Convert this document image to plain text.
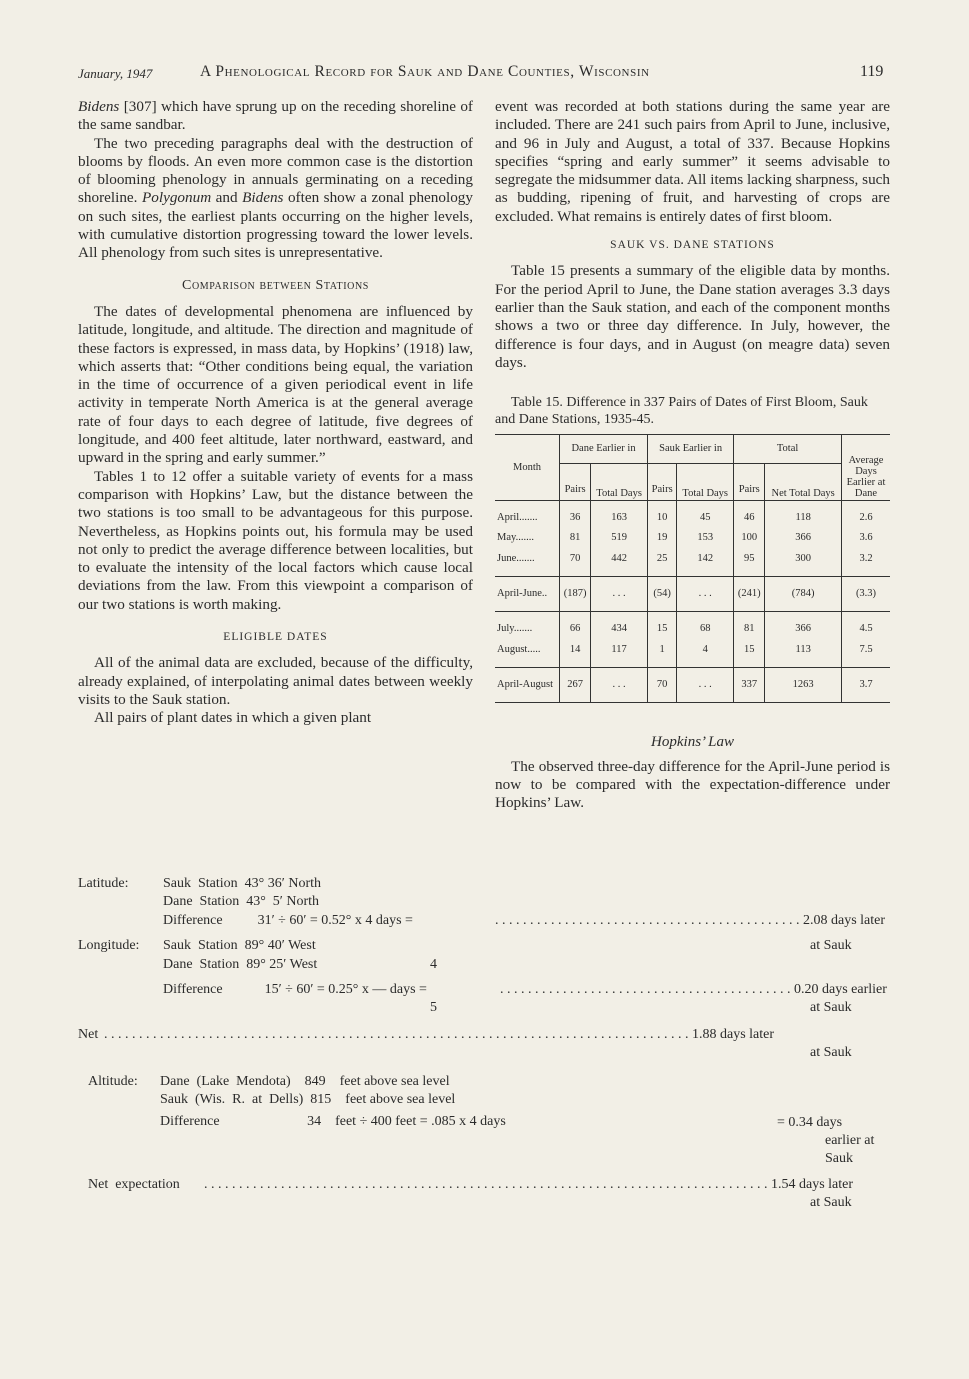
January, 1947	A Phenological Record for Sauk and Dane Counties, Wisconsin	119

Bidens [307] which have sprung up on the receding shoreline of the same sandbar.

The two preceding paragraphs deal with the destruction of blooms by floods. An even more common case is the distortion of blooming phenology in annuals germinating on a receding shoreline. Polygonum and Bidens often show a zonal phenology on such sites, the earliest plants occurring on the higher levels, with cumulative distortion progressing toward the lower levels. All phenology from such sites is unrepresentative.

Comparison between Stations

The dates of developmental phenomena are influenced by latitude, longitude, and altitude. The direction and magnitude of these factors is expressed, in mass data, by Hopkins’ (1918) law, which asserts that: “Other conditions being equal, the variation in the time of occurrence of a given periodical event in life activity in temperate North America is at the general average rate of four days to each degree of latitude, five degrees of longitude, and 400 feet altitude, later northward, eastward, and upward in the spring and early summer.”

Tables 1 to 12 offer a suitable variety of events for a mass comparison with Hopkins’ Law, but the distance between the two stations is too small to be advantageous for this purpose. Nevertheless, as Hopkins points out, his formula may be used not only to predict the average difference between localities, but to evaluate the intensity of the local factors which cause local deviations from the law. From this viewpoint a comparison of our two stations is worth making.

ELIGIBLE DATES

All of the animal data are excluded, because of the difficulty, already explained, of interpolating animal dates between weekly visits to the Sauk station.

All pairs of plant dates in which a given plant

event was recorded at both stations during the same year are included. There are 241 such pairs from April to June, inclusive, and 96 in July and August, a total of 337. Because Hopkins specifies “spring and early summer” it seems advisable to segregate the midsummer data. All items lacking sharpness, such as budding, ripening of fruit, and harvesting of crops are excluded. What remains is entirely dates of first bloom.

SAUK VS. DANE STATIONS

Table 15 presents a summary of the eligible data by months. For the period April to June, the Dane station averages 3.3 days earlier than the Sauk station, and each of the component months shows a two or three day difference. In July, however, the difference is four days, and in August (on meagre data) seven days.

Table 15. Difference in 337 Pairs of Dates of First Bloom, Sauk and Dane Stations, 1935-45.

Month	Dane Earlier in		Sauk Earlier in		Total		Average Days Earlier at Dane
	Pairs	Total Days	Pairs	Total Days	Pairs	Net Total Days	
April.......	36	163	10	45	46	118	2.6
May.......	81	519	19	153	100	366	3.6
June.......	70	442	25	142	95	300	3.2
April-June..	(187)	. . .	(54)	. . .	(241)	(784)	(3.3)
July.......	66	434	15	68	81	366	4.5
August.....	14	117	1	4	15	113	7.5
April-August	267	. . .	70	. . .	337	1263	3.7

Hopkins’ Law

The observed three-day difference for the April-June period is now to be compared with the expectation-difference under Hopkins’ Law.

Latitude: Sauk  Station  43° 36′ North
Dane  Station  43°  5′ North
Difference          31′ ÷ 60′ = 0.52° x 4 days =	. . . . . . . . . . . . . . . . . . . . . . . . . . . . . . . . . . . . . . . . . . . . 2.08 days later
at Sauk
Longitude: Sauk  Station  89° 40′ West
Dane  Station  89° 25′ West	4
Difference            15′ ÷ 60′ = 0.25° x — days =	. . . . . . . . . . . . . . . . . . . . . . . . . . . . . . . . . . . . . . . . . . 0.20 days earlier
5	at Sauk
Net . . . . . . . . . . . . . . . . . . . . . . . . . . . . . . . . . . . . . . . . . . . . . . . . . . . . . . . . . . . . . . . . . . . . . . . . . . . . . . . . . . . . 1.88 days later
at Sauk
Altitude: Dane  (Lake  Mendota)    849    feet above sea level
Sauk  (Wis.  R.  at  Dells)  815    feet above sea level
Difference                         34    feet ÷ 400 feet = .085 x 4 days	= 0.34 days
earlier at
Sauk
Net  expectation . . . . . . . . . . . . . . . . . . . . . . . . . . . . . . . . . . . . . . . . . . . . . . . . . . . . . . . . . . . . . . . . . . . . . . . . . . . . . . . . . 1.54 days later
at Sauk
